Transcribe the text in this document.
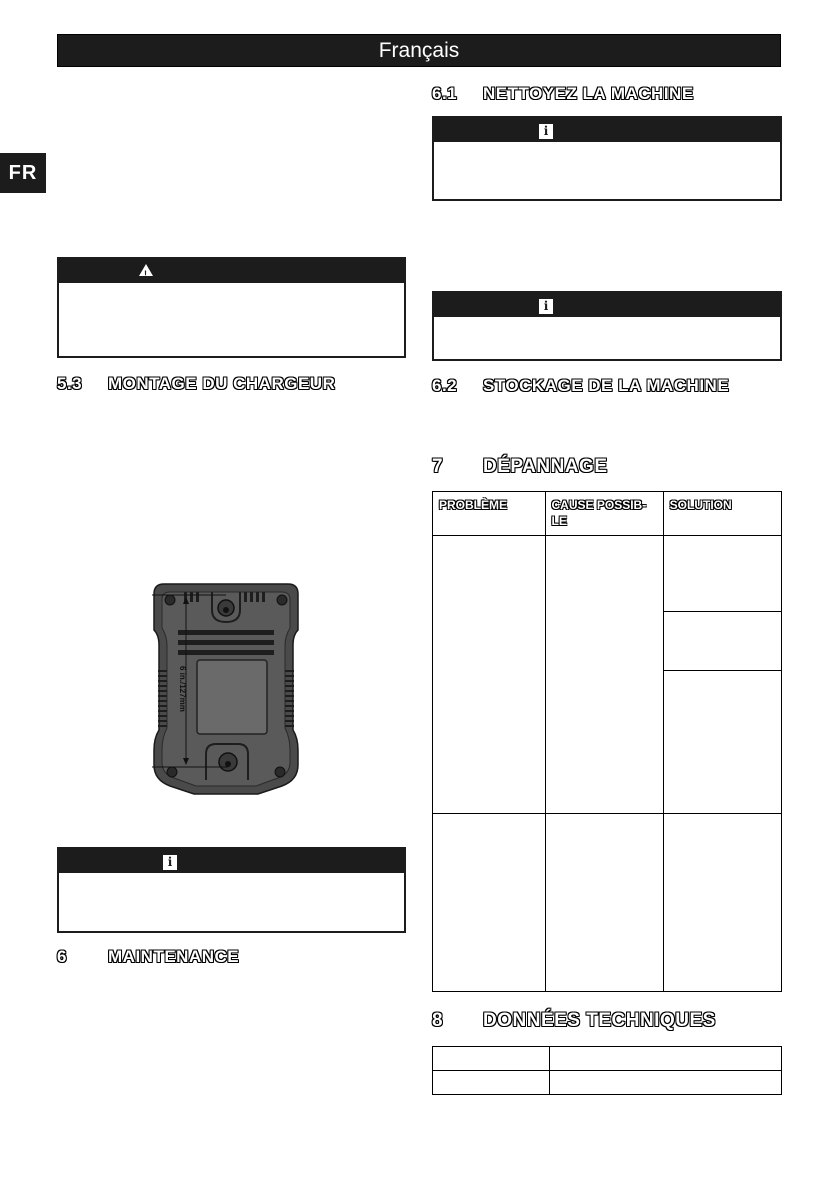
Français
FR
!
5.3 MONTAGE DU CHARGEUR
6 in./127mm
i
6 MAINTENANCE
6.1 NETTOYEZ LA MACHINE
i
i
6.2 STOCKAGE DE LA MACHINE
7 DÉPANNAGE
PROBLÈME	CAUSE POSSIB-LE	SOLUTION

8 DONNÉES TECHNIQUES
